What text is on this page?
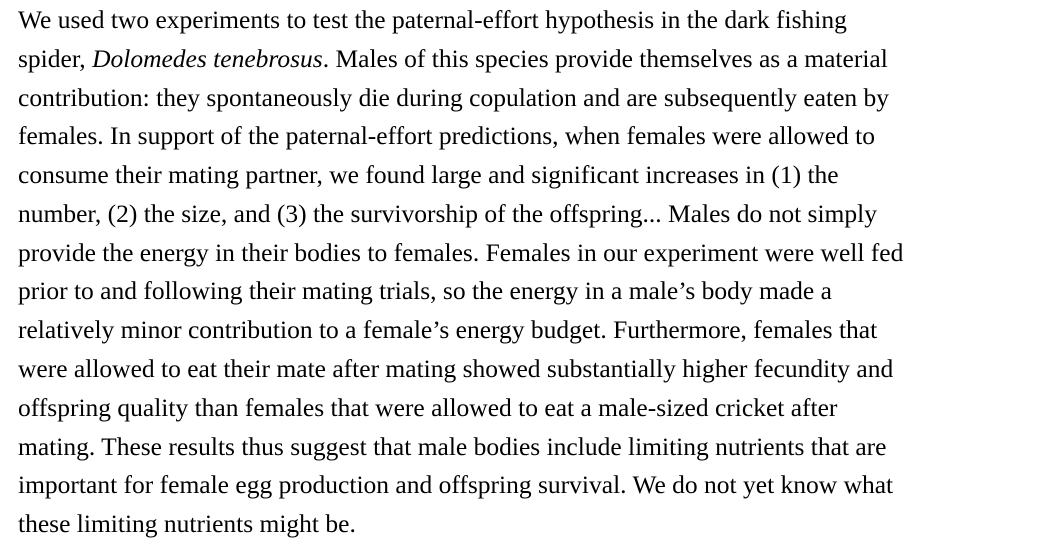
We used two experiments to test the paternal-effort hypothesis in the dark fishing
spider, Dolomedes tenebrosus. Males of this species provide themselves as a material
contribution: they spontaneously die during copulation and are subsequently eaten by
females. In support of the paternal-effort predictions, when females were allowed to
consume their mating partner, we found large and significant increases in (1) the
number, (2) the size, and (3) the survivorship of the offspring... Males do not simply
provide the energy in their bodies to females. Females in our experiment were well fed
prior to and following their mating trials, so the energy in a male’s body made a
relatively minor contribution to a female’s energy budget. Furthermore, females that
were allowed to eat their mate after mating showed substantially higher fecundity and
offspring quality than females that were allowed to eat a male-sized cricket after
mating. These results thus suggest that male bodies include limiting nutrients that are
important for female egg production and offspring survival. We do not yet know what
these limiting nutrients might be.
